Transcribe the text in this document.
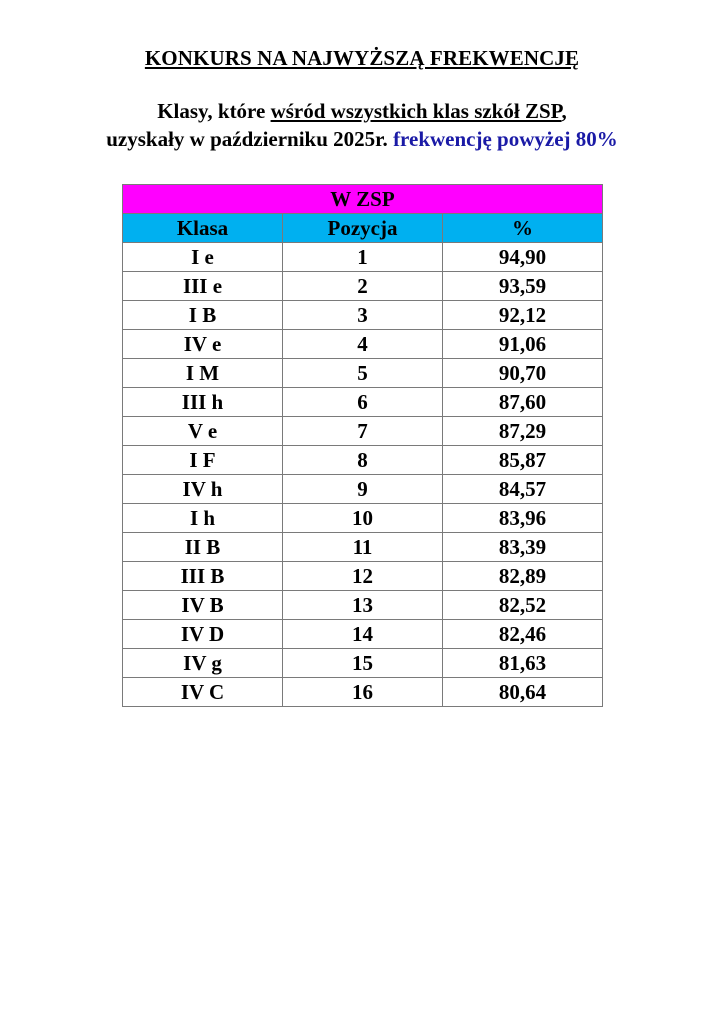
KONKURS NA NAJWYŻSZĄ FREKWENCJĘ
Klasy, które wśród wszystkich klas szkół ZSP,
uzyskały w październiku 2025r. frekwencję powyżej 80%
W ZSP		
Klasa	Pozycja	%
I e	1	94,90
III e	2	93,59
I B	3	92,12
IV e	4	91,06
I M	5	90,70
III h	6	87,60
V e	7	87,29
I F	8	85,87
IV h	9	84,57
I h	10	83,96
II B	11	83,39
III B	12	82,89
IV B	13	82,52
IV D	14	82,46
IV g	15	81,63
IV C	16	80,64
